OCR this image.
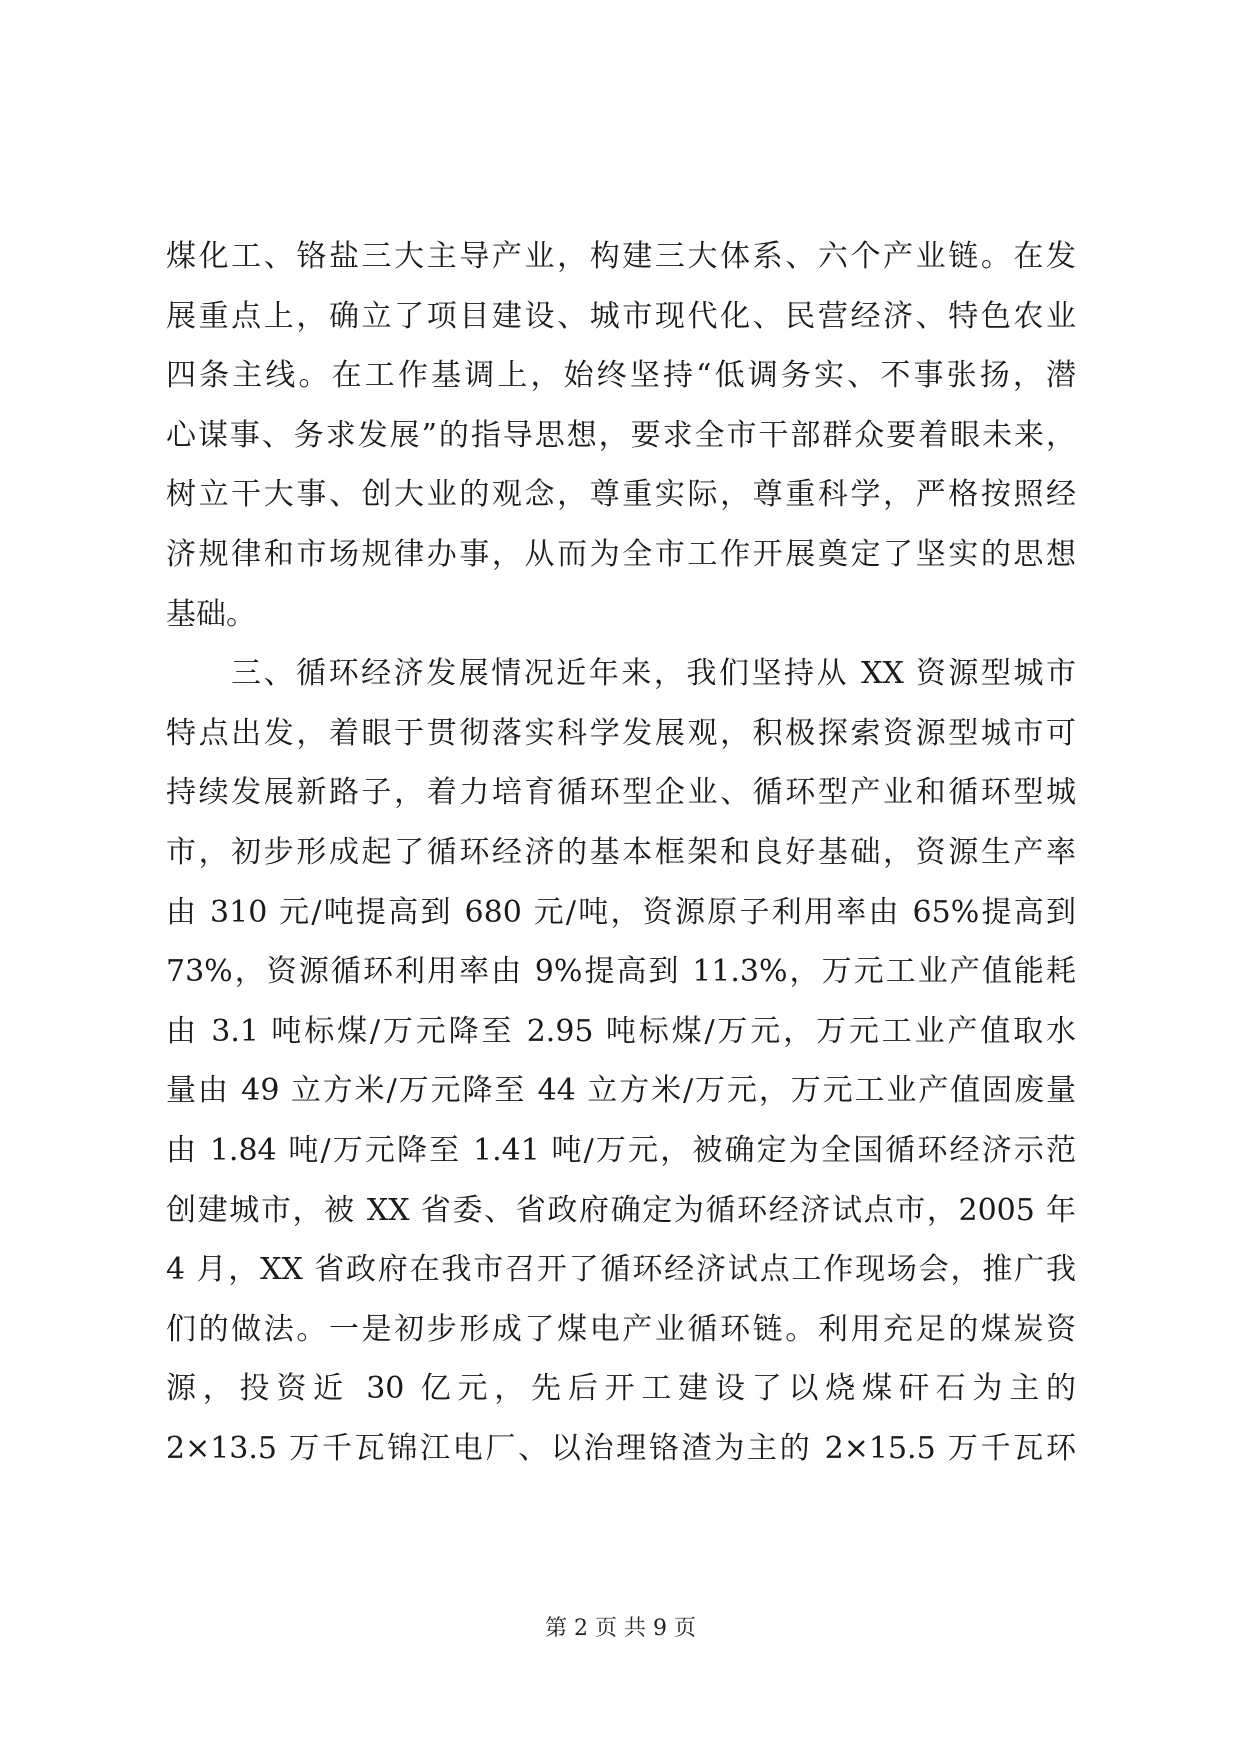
煤化工、铬盐三大主导产业，构建三大体系、六个产业链。在发
展重点上，确立了项目建设、城市现代化、民营经济、特色农业
四条主线。在工作基调上，始终坚持“低调务实、不事张扬，潜
心谋事、务求发展”的指导思想，要求全市干部群众要着眼未来，
树立干大事、创大业的观念，尊重实际，尊重科学，严格按照经
济规律和市场规律办事，从而为全市工作开展奠定了坚实的思想
基础。
　　三、循环经济发展情况近年来，我们坚持从 XX 资源型城市
特点出发，着眼于贯彻落实科学发展观，积极探索资源型城市可
持续发展新路子，着力培育循环型企业、循环型产业和循环型城
市，初步形成起了循环经济的基本框架和良好基础，资源生产率
由 310 元/吨提高到 680 元/吨，资源原子利用率由 65%提高到
73%，资源循环利用率由 9%提高到 11.3%，万元工业产值能耗
由 3.1 吨标煤/万元降至 2.95 吨标煤/万元，万元工业产值取水
量由 49 立方米/万元降至 44 立方米/万元，万元工业产值固废量
由 1.84 吨/万元降至 1.41 吨/万元，被确定为全国循环经济示范
创建城市，被 XX 省委、省政府确定为循环经济试点市，2005 年
4 月，XX 省政府在我市召开了循环经济试点工作现场会，推广我
们的做法。一是初步形成了煤电产业循环链。利用充足的煤炭资
源，投资近 30 亿元，先后开工建设了以烧煤矸石为主的
2×13.5 万千瓦锦江电厂、以治理铬渣为主的 2×15.5 万千瓦环
第 2 页 共 9 页
